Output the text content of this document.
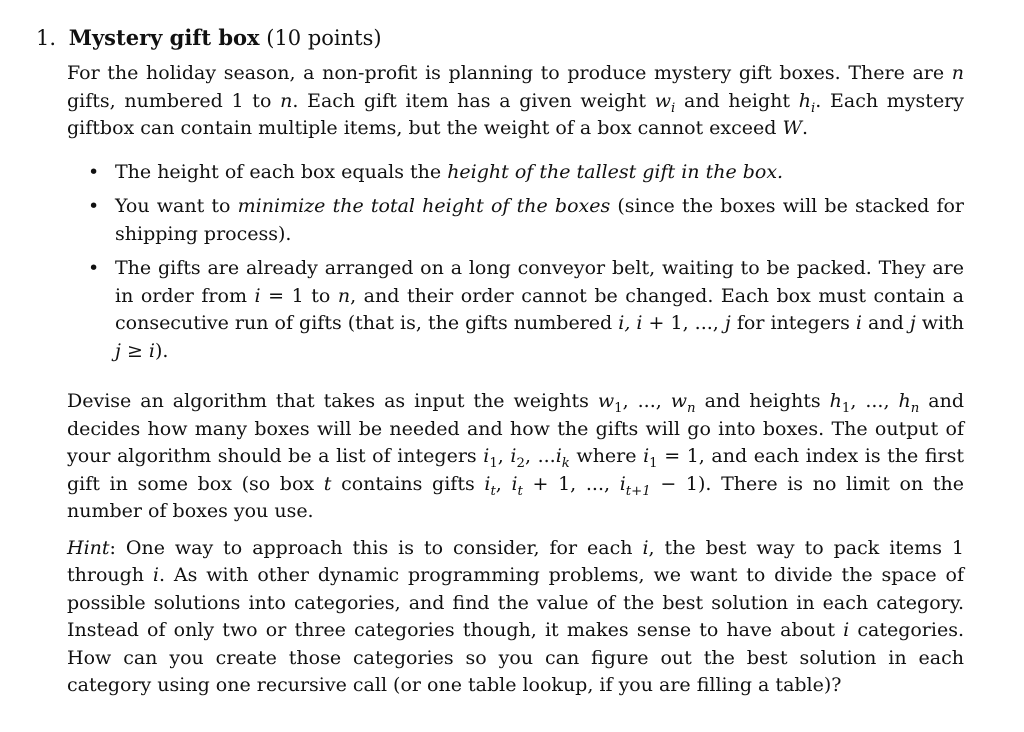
1. Mystery gift box (10 points)

For the holiday season, a non-profit is planning to produce mystery gift boxes. There are n gifts, numbered 1 to n. Each gift item has a given weight $w_i$ and height $h_i$. Each mystery giftbox can contain multiple items, but the weight of a box cannot exceed W.

• The height of each box equals the height of the tallest gift in the box.
• You want to minimize the total height of the boxes (since the boxes will be stacked for shipping process).
• The gifts are already arranged on a long conveyor belt, waiting to be packed. They are in order from i = 1 to n, and their order cannot be changed. Each box must contain a consecutive run of gifts (that is, the gifts numbered i, i + 1, ..., j for integers i and j with j ≥ i).

Devise an algorithm that takes as input the weights $w_1$, ..., $w_n$ and heights $h_1$, ..., $h_n$ and decides how many boxes will be needed and how the gifts will go into boxes. The output of your algorithm should be a list of integers $i_1$, $i_2$, $...i_k$ where $i_1 = 1$, and each index is the first gift in some box (so box t contains gifts $i_t$, $i_t + 1$, ..., $i_{t+1} - 1$). There is no limit on the number of boxes you use.

Hint: One way to approach this is to consider, for each i, the best way to pack items 1 through i. As with other dynamic programming problems, we want to divide the space of possible solutions into categories, and find the value of the best solution in each category. Instead of only two or three categories though, it makes sense to have about i categories. How can you create those categories so you can figure out the best solution in each category using one recursive call (or one table lookup, if you are filling a table)?
